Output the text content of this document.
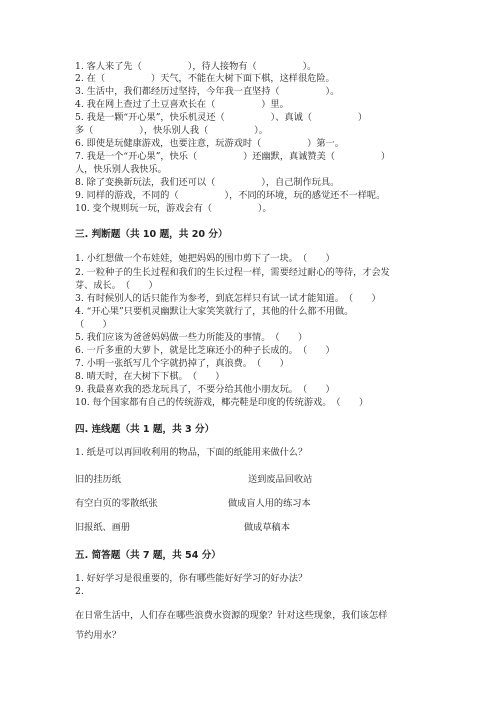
1. 客人来了先（　　　　　），待人接物有（　　　　　）。
2. 在（　　　　　）天气，不能在大树下面下棋，这样很危险。
3. 生活中，我们都经历过坚持，今年我一直坚持（　　　　　）。
4. 我在网上查过了土豆喜欢长在（　　　　　）里。
5. 我是一颗“开心果”，快乐机灵还（　　　　　）、真诚（　　　　　）
多（　　　　　），快乐别人我（　　　　　）。
6. 即使是玩健康游戏，也要注意，玩游戏时（　　　　　）第一。
7. 我是一个“开心果”，快乐（　　　　　）还幽默，真诚赞美（　　　　　）
人，快乐别人我快乐。
8. 除了变换新玩法，我们还可以（　　　　　），自己制作玩具。
9. 同样的游戏，不同的（　　　　　），不同的环境，玩的感觉还不一样呢。
10. 变个规则玩一玩，游戏会有（　　　　　）。
三. 判断题（共 10 题，共 20 分）
1. 小红想做一个布娃娃，她把妈妈的围巾剪下了一块。　（　　）
2. 一粒种子的生长过程和我们的生长过程一样，需要经过耐心的等待，才会发
芽、成长。　（　　）
3. 有时候别人的话只能作为参考，到底怎样只有试一试才能知道。　（　　）
4. “开心果”只要机灵幽默让大家笑笑就行了，其他的什么都不用做。
（　　）
5. 我们应该为爸爸妈妈做一些力所能及的事情。　（　　）
6. 一斤多重的大萝卜，就是比芝麻还小的种子长成的。　（　　）
7. 小明一张纸写几个字就扔掉了，真浪费。　（　　）
8. 晴天时，在大树下下棋。　（　　）
9. 我最喜欢我的恐龙玩具了，不要分给其他小朋友玩。　（　　）
10. 每个国家都有自己的传统游戏，椰壳鞋是印度的传统游戏。　（　　）
四. 连线题（共 1 题，共 3 分）
1. 纸是可以再回收利用的物品，下面的纸能用来做什么？
旧的挂历纸	送到废品回收站
有空白页的零散纸张	做成盲人用的练习本
旧报纸、画册	做成草稿本
五. 简答题（共 7 题，共 54 分）
1. 好好学习是很重要的，你有哪些能好好学习的好办法？
2.
在日常生活中，人们存在哪些浪费水资源的现象？针对这些现象，我们该怎样
节约用水？
